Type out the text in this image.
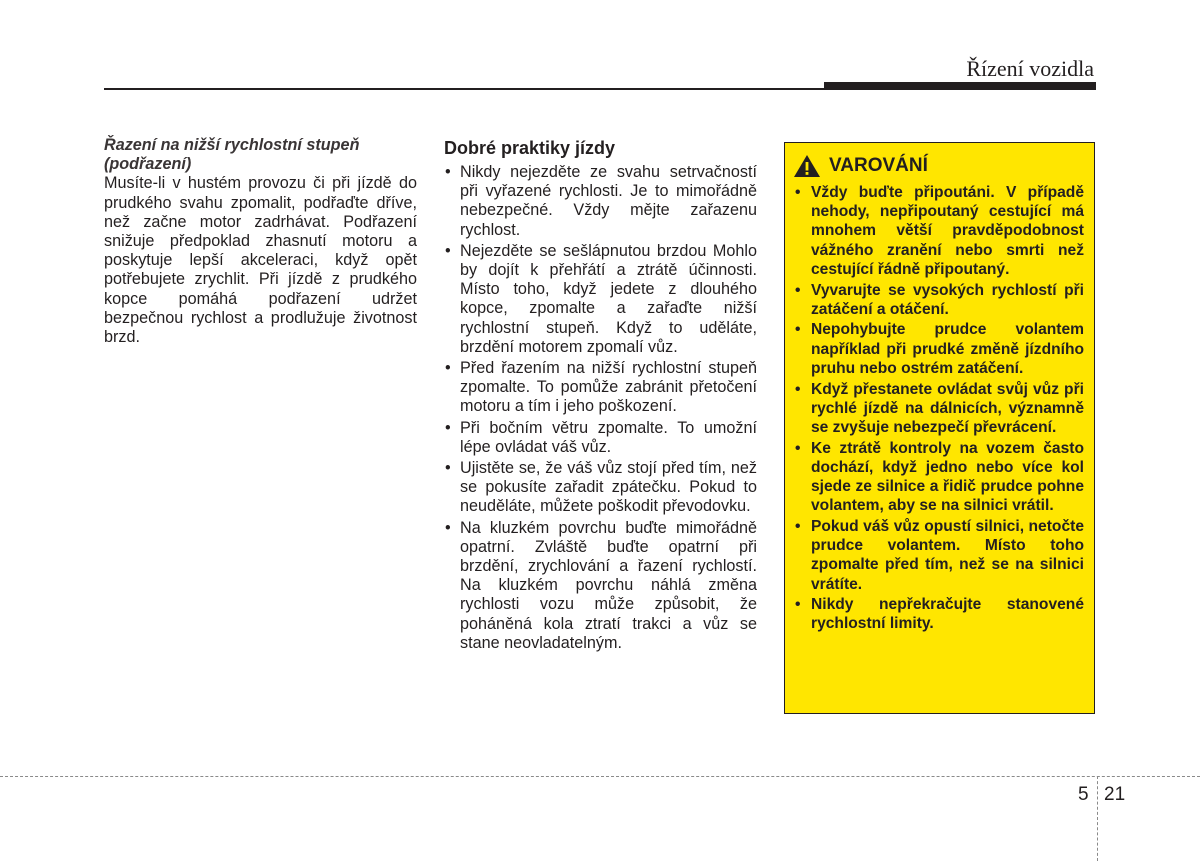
Řízení vozidla
Řazení na nižší rychlostní stupeň (podřazení)
Musíte-li v hustém provozu či při jízdě do prudkého svahu zpomalit, podřaďte dříve, než začne motor zadrhávat. Podřazení snižuje předpoklad zhasnutí motoru a poskytuje lepší akceleraci, když opět potřebujete zrychlit. Při jízdě z prudkého kopce pomáhá podřazení udržet bezpečnou rychlost a prodlužuje životnost brzd.
Dobré praktiky jízdy
• Nikdy nejezděte ze svahu setrvačností při vyřazené rychlosti. Je to mimořádně nebezpečné. Vždy mějte zařazenu rychlost.
• Nejezděte se sešlápnutou brzdou Mohlo by dojít k přehřátí a ztrátě účinnosti. Místo toho, když jedete z dlouhého kopce, zpomalte a zařaďte nižší rychlostní stupeň. Když to uděláte, brzdění motorem zpomalí vůz.
• Před řazením na nižší rychlostní stupeň zpomalte. To pomůže zabránit přetočení motoru a tím i jeho poškození.
• Při bočním větru zpomalte. To umožní lépe ovládat váš vůz.
• Ujistěte se, že váš vůz stojí před tím, než se pokusíte zařadit zpátečku. Pokud to neuděláte, můžete poškodit převodovku.
• Na kluzkém povrchu buďte mimořádně opatrní. Zvláště buďte opatrní při brzdění, zrychlování a řazení rychlostí. Na kluzkém povrchu náhlá změna rychlosti vozu může způsobit, že poháněná kola ztratí trakci a vůz se stane neovladatelným.
VAROVÁNÍ
• Vždy buďte připoutáni. V případě nehody, nepřipoutaný cestující má mnohem větší pravděpodobnost vážného zranění nebo smrti než cestující řádně připoutaný.
• Vyvarujte se vysokých rychlostí při zatáčení a otáčení.
• Nepohybujte prudce volantem například při prudké změně jízdního pruhu nebo ostrém zatáčení.
• Když přestanete ovládat svůj vůz při rychlé jízdě na dálnicích, významně se zvyšuje nebezpečí převrácení.
• Ke ztrátě kontroly na vozem často dochází, když jedno nebo více kol sjede ze silnice a řidič prudce pohne volantem, aby se na silnici vrátil.
• Pokud váš vůz opustí silnici, netočte prudce volantem. Místo toho zpomalte před tím, než se na silnici vrátíte.
• Nikdy nepřekračujte stanovené rychlostní limity.
5 21
